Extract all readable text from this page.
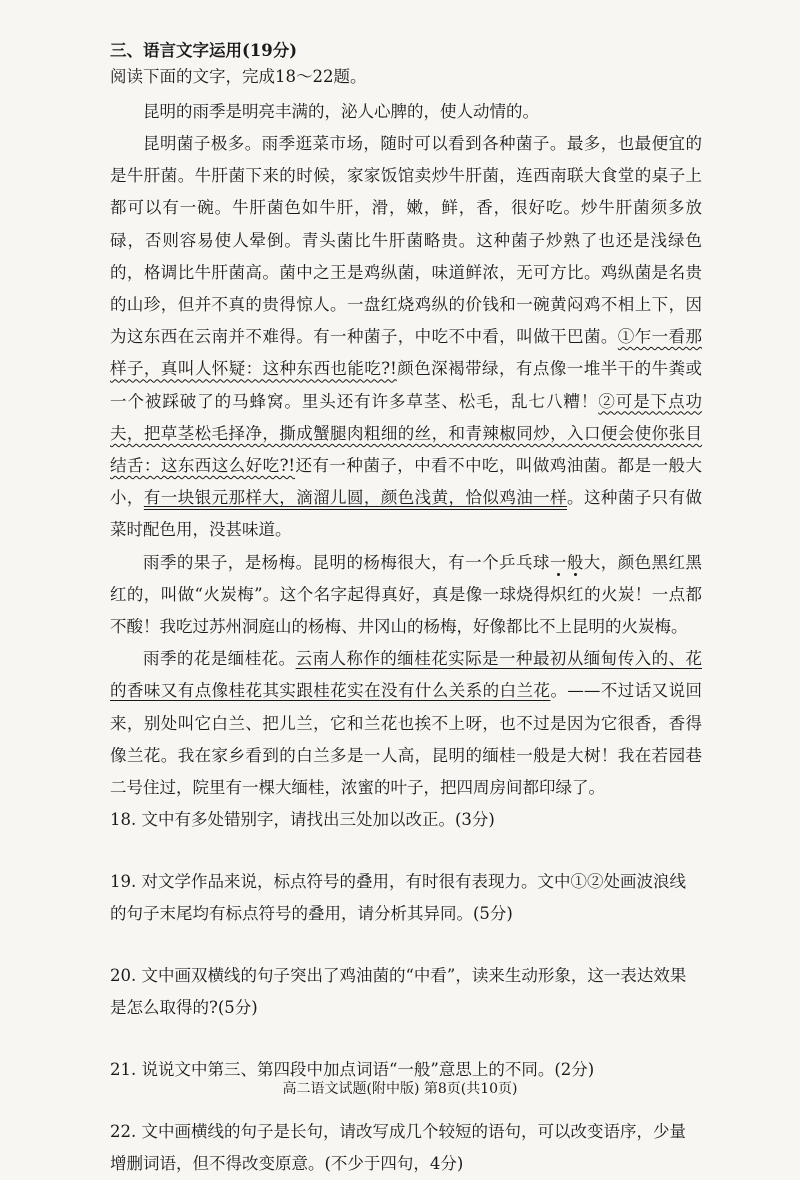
三、语言文字运用(19分)

阅读下面的文字，完成18～22题。

昆明的雨季是明亮丰满的，泌人心脾的，使人动情的。

昆明菌子极多。雨季逛菜市场，随时可以看到各种菌子。最多，也最便宜的是牛肝菌。牛肝菌下来的时候，家家饭馆卖炒牛肝菌，连西南联大食堂的桌子上都可以有一碗。牛肝菌色如牛肝，滑，嫩，鲜，香，很好吃。炒牛肝菌须多放碌，否则容易使人晕倒。青头菌比牛肝菌略贵。这种菌子炒熟了也还是浅绿色的，格调比牛肝菌高。菌中之王是鸡纵菌，味道鲜浓，无可方比。鸡纵菌是名贵的山珍，但并不真的贵得惊人。一盘红烧鸡纵的价钱和一碗黄闷鸡不相上下，因为这东西在云南并不难得。有一种菌子，中吃不中看，叫做干巴菌。①乍一看那样子，真叫人怀疑：这种东西也能吃?!颜色深褐带绿，有点像一堆半干的牛粪或一个被踩破了的马蜂窝。里头还有许多草茎、松毛，乱七八糟！②可是下点功夫，把草茎松毛择净，撕成蟹腿肉粗细的丝，和青辣椒同炒，入口便会使你张目结舌：这东西这么好吃?!还有一种菌子，中看不中吃，叫做鸡油菌。都是一般大小，有一块银元那样大，滴溜儿圆，颜色浅黄，恰似鸡油一样。这种菌子只有做菜时配色用，没甚味道。

雨季的果子，是杨梅。昆明的杨梅很大，有一个乒乓球一般大，颜色黑红黑红的，叫做“火炭梅”。这个名字起得真好，真是像一球烧得炽红的火炭！一点都不酸！我吃过苏州洞庭山的杨梅、井冈山的杨梅，好像都比不上昆明的火炭梅。

雨季的花是缅桂花。云南人称作的缅桂花实际是一种最初从缅甸传入的、花的香味又有点像桂花其实跟桂花实在没有什么关系的白兰花。——不过话又说回来，别处叫它白兰、把儿兰，它和兰花也挨不上呀，也不过是因为它很香，香得像兰花。我在家乡看到的白兰多是一人高，昆明的缅桂一般是大树！我在若园巷二号住过，院里有一棵大缅桂，浓蜜的叶子，把四周房间都印绿了。

18. 文中有多处错别字，请找出三处加以改正。(3分)

19. 对文学作品来说，标点符号的叠用，有时很有表现力。文中①②处画波浪线的句子末尾均有标点符号的叠用，请分析其异同。(5分)

20. 文中画双横线的句子突出了鸡油菌的“中看”，读来生动形象，这一表达效果是怎么取得的?(5分)

21. 说说文中第三、第四段中加点词语“一般”意思上的不同。(2分)

22. 文中画横线的句子是长句，请改写成几个较短的语句，可以改变语序，少量增删词语，但不得改变原意。(不少于四句，4分)

高二语文试题(附中版) 第8页(共10页)
